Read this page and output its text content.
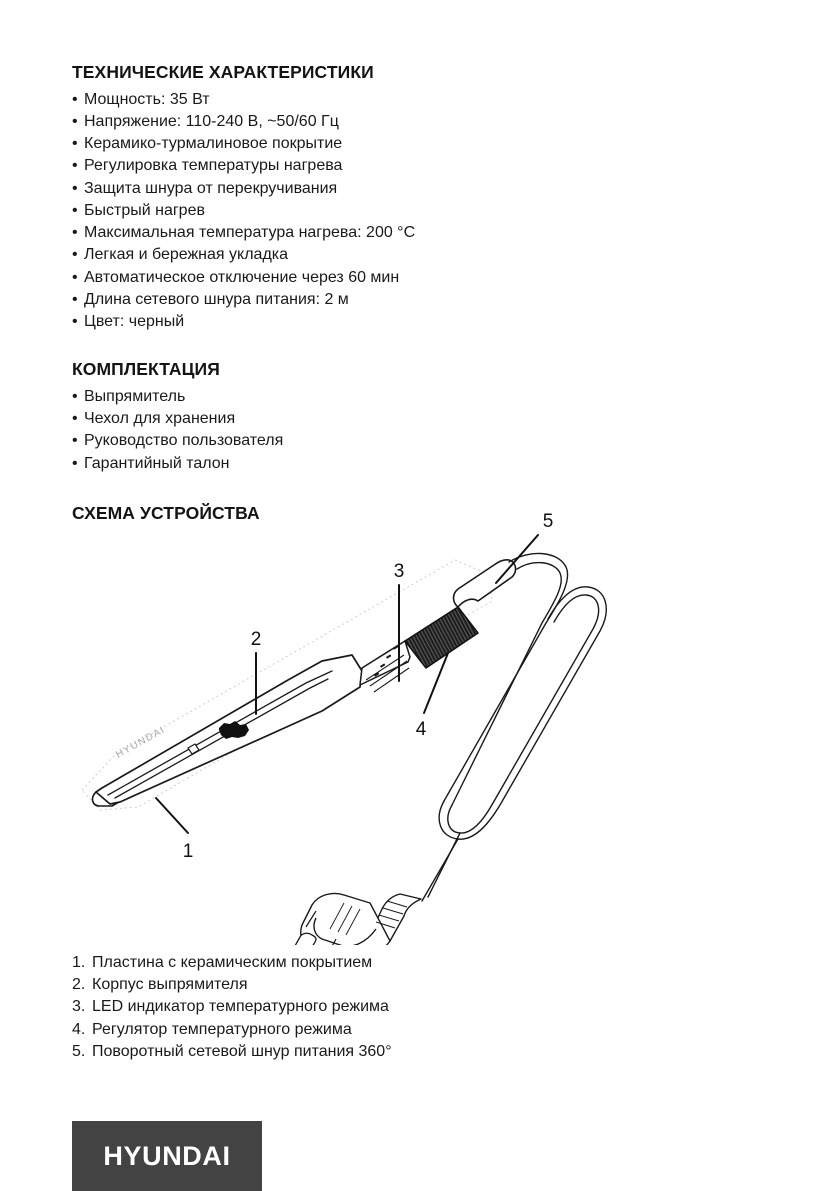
ТЕХНИЧЕСКИЕ ХАРАКТЕРИСТИКИ
• Мощность: 35 Вт
• Напряжение: 110-240 В, ~50/60 Гц
• Керамико-турмалиновое покрытие
• Регулировка температуры нагрева
• Защита шнура от перекручивания
• Быстрый нагрев
• Максимальная температура нагрева: 200 °C
• Легкая и бережная укладка
• Автоматическое отключение через 60 мин
• Длина сетевого шнура питания: 2 м
• Цвет: черный
КОМПЛЕКТАЦИЯ
• Выпрямитель
• Чехол для хранения
• Руководство пользователя
• Гарантийный талон
СХЕМА УСТРОЙСТВА
HYUNDAI
1
2
3
4
5
1. Пластина с керамическим покрытием
2. Корпус выпрямителя
3. LED индикатор температурного режима
4. Регулятор температурного режима
5. Поворотный сетевой шнур питания 360°
HYUNDAI
